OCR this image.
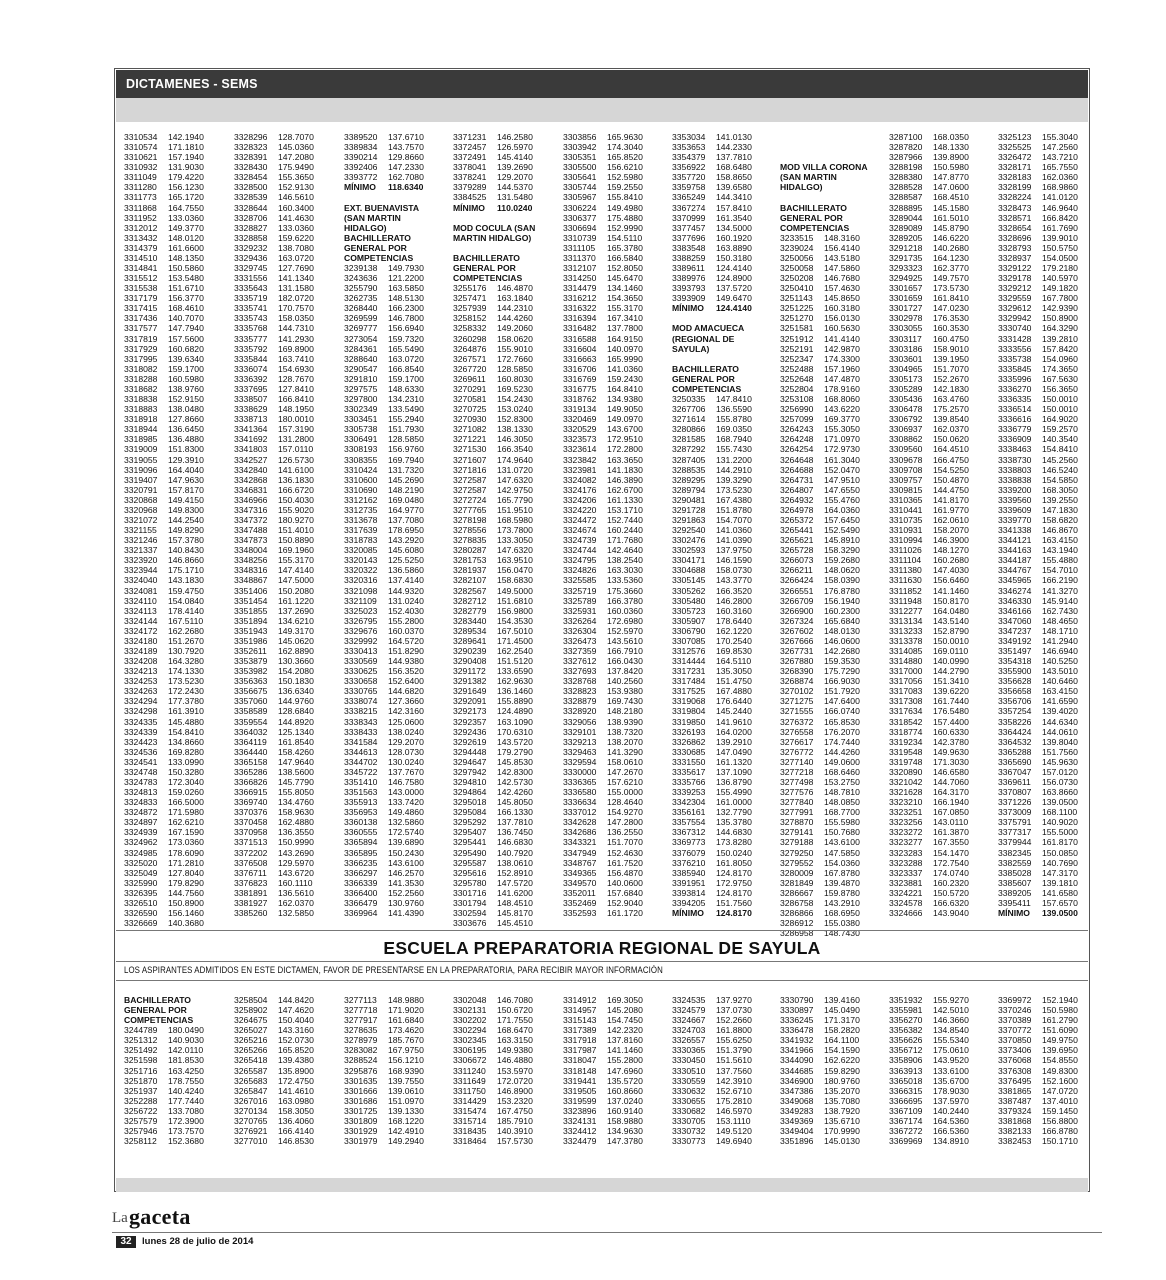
DICTAMENES - SEMS
3310534 142.1940
3310574 171.1810
3310621 157.1940
3310932 131.9030
3311049 179.4220
3311280 156.1230
3311773 165.1720
3311868 164.7550
3311952 133.0360
3312012 149.3770
3313432 148.0120
3314379 161.6600
3314510 148.1350
3314841 150.5860
3315512 153.5480
3315538 151.6710
3317179 156.3770
3317415 168.4610
3317436 140.7070
3317577 147.7940
3317819 157.5600
3317929 160.6820
3317995 139.6340
3318082 159.1700
3318288 160.5980
3318682 138.9760
3318838 152.9150
3318883 138.0480
3318918 127.8660
3318944 136.6450
3318985 136.4880
3319009 151.8300
3319055 129.3910
3319096 164.4040
3319407 147.9630
3320791 157.8170
3320868 149.4150
3320968 149.8300
3321072 144.2540
3321155 149.8290
3321246 157.3780
3321337 140.8430
3323920 146.8660
3323944 175.1710
3324040 143.1830
3324081 159.4750
3324110 154.0840
3324113 178.4140
3324144 167.5110
3324172 162.2680
3324180 151.2670
3324189 130.7920
3324208 164.3280
3324213 174.1330
3324253 173.5230
3324263 172.2430
3324294 177.3780
3324298 161.3910
3324335 145.4880
3324339 154.8410
3324423 134.8660
3324536 169.8280
3324541 133.0990
3324748 150.3280
3324783 172.3040
3324813 159.0260
3324833 166.5000
3324872 171.5980
3324897 162.6210
3324939 167.1590
3324962 173.0360
3324985 178.6090
3325020 171.2810
3325049 127.8040
3325990 179.8290
3326395 144.7560
3326510 150.8900
3326590 156.1460
3326669 140.3680
3328296 128.7070
3328323 145.0360
3328391 147.2080
3328430 175.9490
3328454 155.3650
3328500 152.9130
3328539 146.5610
3328644 160.3400
3328706 141.4630
3328827 133.0360
3328858 159.6220
3329232 138.7080
3329436 163.0720
3329745 127.7690
3331556 141.1340
3335643 131.1580
3335719 182.0720
3335741 170.7570
3335743 158.0350
3335768 144.7310
3335777 141.2930
3335792 169.8900
3335844 163.7410
3336074 154.6930
3336392 128.7670
3337695 127.8410
3338507 166.8410
3338629 148.1950
3338713 180.0010
3341364 157.3190
3341692 131.2800
3341803 157.0110
3342527 126.5730
3342840 141.6100
3342868 136.1830
3346831 166.6720
3346966 150.4030
3347316 155.9020
3347372 180.9270
3347488 151.4010
3347873 150.8890
3348004 169.1960
3348256 155.3170
3348316 147.4140
3348867 147.5000
3351406 150.2080
3351454 161.1220
3351855 137.2690
3351894 134.6210
3351943 149.3170
3351986 145.0620
3352611 162.8890
3353879 130.3660
3353982 154.2080
3356363 150.1830
3356675 136.6340
3357060 144.9760
3358589 128.6840
3359554 144.8920
3364032 125.1340
3364119 161.8540
3364440 158.4260
3365158 147.9640
3365286 138.5600
3366826 145.7790
3366915 155.8050
3369740 134.4760
3370376 158.9630
3370458 162.4880
3370958 136.3550
3371513 150.9990
3372202 143.2690
3376508 129.5970
3376711 143.6720
3376823 160.1110
3381891 136.5610
3381927 162.0370
3385260 132.5850
3389520 137.6710
3389834 143.7570
3390214 129.8660
3392406 147.2330
3393772 162.7080
MÍNIMO 118.6340
EXT. BUENAVISTA
(SAN MARTIN
HIDALGO)
BACHILLERATO
GENERAL POR
COMPETENCIAS
3239138 149.7930
3243636 121.2200
3255790 163.5850
3262735 148.5130
3268440 166.2300
3269599 146.7800
3269777 156.6940
3273054 159.7320
3284361 165.5490
3288640 163.0720
3290547 166.8540
3291810 159.1700
3297575 148.6330
3297800 134.2310
3302349 133.5490
3303451 155.2940
3305738 151.7930
3306491 128.5850
3308193 156.9760
3308355 169.7940
3310424 131.7320
3310600 145.2690
3310690 148.2190
3312162 169.0480
3312735 164.9770
3313678 137.7080
3317639 178.6950
3318783 143.2920
3320085 145.6080
3320143 125.5250
3320322 136.5860
3320316 137.4140
3321098 144.9320
3321109 131.0240
3325023 152.4030
3326795 155.2800
3329676 160.0370
3329992 164.5720
3330413 151.8290
3330569 144.9380
3330625 156.3520
3330658 152.6400
3330765 144.6820
3338074 127.3660
3338215 142.3160
3338343 125.0600
3338433 138.0240
3341584 129.2070
3344613 128.0730
3344702 130.0240
3345722 137.7670
3351410 146.7580
3351563 143.0000
3355913 133.7420
3356953 149.4860
3360138 132.5860
3360555 172.5740
3365894 139.6890
3365895 150.2430
3366235 143.6100
3366297 146.2570
3366339 141.3530
3366400 152.2560
3366479 130.9760
3369964 141.4390
3371231 146.2580
3372457 126.5970
3372491 145.4140
3378041 139.2690
3378241 129.2070
3379289 144.5370
3384525 131.5480
MÍNIMO 110.0240
MOD COCULA (SAN
MARTIN HIDALGO)
BACHILLERATO
GENERAL POR
COMPETENCIAS
3255176 146.4870
3257471 163.1840
3257939 144.2310
3258152 144.4260
3258332 149.2060
3260298 158.0620
3264876 155.9010
3267571 172.7660
3267720 128.5850
3269611 160.8030
3270291 169.5230
3270581 154.2430
3270725 153.0240
3270930 152.8300
3271082 138.1330
3271221 146.3050
3271530 166.3540
3271607 174.9640
3271816 131.0720
3272587 147.6320
3272587 142.9750
3272724 165.7790
3277765 151.9510
3278198 168.5980
3278556 173.7800
3278835 133.3050
3280287 147.6320
3281753 163.9510
3281937 156.0470
3282107 158.6830
3282567 149.5000
3282712 151.6810
3282779 156.9800
3283440 154.3530
3289534 167.5010
3289641 171.4500
3290239 162.2540
3290408 151.5120
3291172 133.6590
3291382 162.9630
3291649 136.1460
3292091 155.8890
3292173 124.4890
3292357 163.1090
3292436 170.6310
3292619 143.5720
3294448 179.2790
3294647 145.8530
3297942 142.8300
3294810 142.5730
3294864 142.4260
3295018 145.8050
3295084 166.1330
3295292 137.7810
3295407 136.7450
3295441 146.6830
3295490 140.7920
3295587 138.0610
3295616 152.8910
3295780 147.5720
3301716 141.6200
3301794 148.4510
3302594 145.8170
3303676 145.4510
3303856 165.9630
3303942 174.3040
3305351 165.8520
3305500 156.6210
3305641 152.5980
3305744 159.2550
3305967 155.8410
3306224 149.4980
3306377 175.4880
3306694 152.9990
3310739 154.5110
3311105 165.3780
3311370 166.5840
3312107 152.8050
3314250 145.6470
3314479 134.1460
3316212 154.3650
3316322 155.3170
3316394 167.3410
3316482 137.7800
3316588 164.9150
3316604 140.0970
3316663 165.9990
3316706 141.0360
3316769 159.2430
3316775 164.8410
3318762 134.9380
3319134 149.9050
3320469 149.0970
3320529 143.6700
3323573 172.9510
3323614 172.2800
3323842 163.3650
3323981 141.1830
3324082 146.3890
3324176 162.6700
3324206 161.1330
3324220 153.1710
3324472 152.7440
3324674 160.2440
3324739 171.7680
3324744 142.4640
3324795 138.2540
3324826 163.3030
3325585 133.5360
3325719 175.3660
3325789 166.3780
3325931 160.0360
3326264 172.6980
3326304 152.5970
3326473 143.5610
3327359 166.7910
3327612 166.0430
3327693 137.8420
3328768 140.2560
3328823 153.9380
3328879 169.7430
3328920 148.2180
3329056 138.9390
3329101 138.7320
3329213 138.2070
3329463 141.3290
3329594 158.0610
3330000 147.2670
3336365 157.6210
3336580 155.0000
3336634 128.4640
3337012 154.9270
3342628 147.2800
3342686 136.2550
3343321 151.7070
3347949 152.4630
3348767 161.7520
3349365 156.4870
3349570 140.0600
3352011 157.6840
3352469 152.9040
3352593 161.1720
3353034 141.0130
3353653 144.2330
3354379 137.7810
3356922 168.6480
3357720 158.8650
3359758 139.6580
3365249 144.3410
3367274 157.8410
3370999 161.3540
3377457 134.5000
3377696 160.1920
3383548 163.8890
3388259 150.3180
3389611 124.4140
3389976 124.8900
3393793 137.5720
3393909 149.6470
MÍNIMO 124.4140
MOD AMACUECA
(REGIONAL DE
SAYULA)
BACHILLERATO
GENERAL POR
COMPETENCIAS
3250335 147.8410
3267706 136.5590
3271614 155.8780
3280866 169.0350
3281585 168.7940
3287292 155.7430
3287405 131.2200
3288535 144.2910
3289295 139.3290
3289794 173.5230
3290481 167.4380
3291728 151.8780
3291863 154.7070
3292540 141.0360
3302476 141.0390
3302593 137.9750
3304171 146.1590
3304688 158.0730
3305145 143.3770
3305262 166.3520
3305480 146.2800
3305723 160.3160
3305907 178.6440
3306790 162.1220
3307085 170.2540
3312576 169.8530
3314444 164.5110
3317231 135.3050
3317484 151.4750
3317525 167.4880
3319068 176.6440
3319804 145.2440
3319850 141.9610
3326193 164.0200
3326862 139.2910
3330685 147.0490
3331550 161.1320
3335617 137.1090
3335766 136.8790
3339253 155.4990
3342304 161.0000
3356161 132.7790
3357554 135.3780
3367312 144.6830
3369773 173.8280
3376079 150.0240
3376210 161.8050
3385940 124.8170
3391951 172.9750
3393814 124.8170
3394205 151.7560
MÍNIMO 124.8170
MOD VILLA CORONA
(SAN MARTIN
HIDALGO)
BACHILLERATO
GENERAL POR
COMPETENCIAS
3233515 148.3160
3239024 156.4140
3250056 143.5180
3250058 147.5860
3250208 146.7680
3250410 157.4630
3251143 145.8650
3251225 160.3180
3251270 156.0130
3251581 160.5630
3251912 141.4140
3252191 142.9870
3252347 174.3300
3252488 157.1960
3252648 147.4870
3252804 178.9160
3253108 168.8060
3256990 143.6220
3257099 169.3770
3264243 155.3050
3264248 171.0970
3264254 172.9730
3264648 161.3040
3264688 152.0470
3264731 147.9510
3264807 147.6550
3264932 155.4760
3264978 164.0360
3265372 157.6450
3265441 152.5490
3265621 145.8910
3265728 158.3290
3266073 159.2680
3266211 148.0620
3266424 158.0390
3266551 176.8780
3266709 156.1940
3266900 160.2300
3267324 165.6840
3267602 148.0130
3267666 146.0600
3267731 142.2680
3267880 159.3530
3268390 175.7290
3268874 166.9030
3270102 151.7920
3271275 147.6400
3271555 166.0740
3276372 165.8530
3276558 176.2070
3276617 174.7440
3276772 144.4260
3277140 149.0600
3277218 168.6460
3277498 153.2750
3277576 148.7810
3277840 148.0850
3277991 168.7700
3278870 155.5980
3279141 150.7680
3279188 143.6100
3279250 147.5850
3279552 154.0360
3280009 167.8780
3281849 139.4870
3286667 159.8780
3286758 143.2910
3286866 168.6950
3286912 155.0380
3286958 148.7430
3287100 168.0350
3287820 148.1330
3287966 139.8900
3288198 150.5980
3288380 147.8770
3288528 147.0600
3288587 168.4510
3288895 145.1580
3289044 161.5010
3289089 145.8790
3289205 146.6220
3291218 140.2680
3291735 164.1230
3293323 162.3770
3294925 149.7570
3301657 173.5730
3301659 161.8410
3301727 147.0230
3302978 176.3530
3303055 160.3530
3303117 160.4750
3303186 158.9010
3303601 139.1950
3304965 151.7070
3305173 152.2670
3305289 142.1830
3305436 163.4760
3306478 175.2570
3306792 139.8540
3306937 162.0370
3308862 150.0620
3309560 164.4510
3309678 166.4750
3309708 154.5250
3309757 150.4870
3309815 144.4750
3310365 141.8170
3310441 161.9770
3310735 162.0610
3310931 158.2070
3310994 146.3900
3311026 148.1270
3311104 160.2680
3311380 147.4030
3311630 156.6460
3311852 141.1460
3311948 150.8170
3312277 164.0480
3313134 143.5140
3313233 152.8790
3313378 150.0010
3314085 169.0110
3314880 140.0990
3317000 144.2790
3317056 151.3410
3317083 139.6220
3317308 161.7440
3317634 176.5480
3318542 157.4400
3318774 160.6330
3319234 142.3780
3319548 149.9630
3319748 171.3030
3320890 146.6580
3321042 144.7060
3321628 164.3170
3323210 166.1940
3323251 167.0850
3323256 143.0110
3323272 161.3870
3323277 167.3550
3323283 154.1470
3323288 172.7540
3323337 174.0740
3323881 160.2320
3324221 150.5720
3324578 166.6320
3324666 143.9040
3325123 155.3040
3325525 147.2560
3326472 143.7210
3328171 165.7550
3328183 162.0360
3328199 168.9860
3328224 141.0120
3328473 146.9640
3328571 166.8420
3328654 161.7690
3328696 139.9010
3328793 150.5750
3328937 154.0500
3329122 179.2180
3329178 140.5970
3329212 149.1820
3329559 167.7800
3329612 142.9390
3329942 150.8900
3330740 164.3290
3331428 139.2810
3333556 157.8420
3335738 154.0960
3335845 174.3650
3335996 167.5630
3336270 156.3650
3336335 150.0010
3336514 150.0010
3336616 164.9020
3336779 159.2570
3336909 140.3540
3338463 154.8410
3338730 145.2560
3338803 146.5240
3338838 154.5850
3339200 168.3050
3339560 139.2550
3339609 147.1830
3339770 158.6820
3341338 146.8670
3344121 163.4150
3344163 143.1940
3344187 155.4880
3344767 154.7010
3345965 166.2190
3346274 141.3270
3346330 145.9140
3346166 162.7430
3347060 148.4650
3347237 148.1710
3349192 141.2940
3351497 146.6940
3354318 140.5250
3355900 143.5010
3356628 140.6460
3356658 163.4150
3356706 141.6590
3357254 139.4020
3358226 144.6340
3364424 144.0610
3364532 139.8040
3365288 151.7560
3365690 145.9630
3367047 157.0120
3369611 156.0730
3370807 163.8660
3371226 139.0500
3373009 168.1100
3375791 140.9020
3377317 155.5000
3379944 161.8170
3382345 150.0850
3382559 140.7690
3385028 147.3170
3385607 139.1810
3389205 141.6580
3395411 157.6570
MÍNIMO 139.0500
ESCUELA PREPARATORIA REGIONAL DE SAYULA
LOS ASPIRANTES ADMITIDOS EN ESTE DICTAMEN, FAVOR DE PRESENTARSE EN LA PREPARATORIA, PARA RECIBIR MAYOR INFORMACIÓN
BACHILLERATO
GENERAL POR
COMPETENCIAS
3244789 180.0490
3251312 140.9030
3251492 142.0110
3251598 181.8530
3251716 163.4250
3251870 178.7550
3251937 140.4240
3252288 177.7440
3256722 133.7080
3257579 172.3900
3257946 173.7570
3258112 152.3680
3258504 144.8420
3258902 147.4620
3264675 150.4040
3265027 143.3160
3265216 152.0730
3265266 165.8520
3265418 139.4380
3265587 135.8900
3265683 172.4750
3265847 141.4610
3267016 163.0980
3270134 158.3050
3270765 136.4060
3276921 166.4140
3277010 146.8530
3277113 148.9880
3277718 171.9020
3277917 161.6840
3278635 173.4620
3278979 185.7670
3283082 167.9750
3288524 156.1210
3295876 168.9390
3301635 139.7550
3301666 139.0610
3301686 151.0970
3301725 139.1330
3301809 168.1220
3301929 142.4910
3301979 149.2940
3302048 146.7080
3302131 150.6720
3302202 171.7550
3302294 168.6470
3302345 163.3150
3306195 149.9380
3306672 146.4880
3311240 153.5970
3311649 172.0720
3311750 146.8900
3314429 153.2320
3315474 167.4750
3315714 185.7910
3318435 140.3910
3318464 157.5730
3314912 169.3050
3314957 145.2080
3315143 154.7450
3317389 142.2320
3317918 137.8160
3317987 141.1460
3318047 155.2800
3318148 147.6960
3319441 135.5720
3319505 160.8660
3319599 137.0240
3323896 160.9140
3324131 158.9880
3324412 134.9630
3324479 147.3780
3324535 137.9270
3324579 137.0730
3324667 152.2660
3324703 161.8800
3326557 155.6250
3330365 151.3790
3330450 151.5610
3330510 137.7560
3330559 142.3910
3330632 152.6710
3330655 175.2810
3330682 146.5970
3330705 153.1110
3330732 149.5120
3330773 149.6940
3330790 139.4160
3330897 145.0490
3336245 171.3170
3336478 158.2820
3341932 164.1100
3341966 154.1590
3344090 162.6220
3344685 159.8290
3346900 180.9760
3347386 135.2070
3349068 135.7080
3349283 138.7920
3349369 135.6710
3349404 170.9990
3351896 145.0130
3351932 155.9270
3355981 142.5010
3356270 146.3660
3356382 134.8540
3356626 155.5340
3356712 175.0610
3358906 143.9520
3363913 133.6100
3365018 135.6700
3366315 178.9030
3366695 137.5970
3367109 140.2440
3367174 164.5360
3367272 166.5360
3369969 134.8910
3369972 152.1940
3370246 150.5980
3370389 161.2790
3370772 151.6090
3370850 149.9750
3373406 139.6950
3376068 154.8550
3376308 149.8300
3376495 152.1600
3381865 147.0720
3387487 137.4010
3379324 159.1450
3381868 156.8800
3382133 166.8780
3382453 150.1710
La gaceta
32	lunes 28 de julio de 2014
